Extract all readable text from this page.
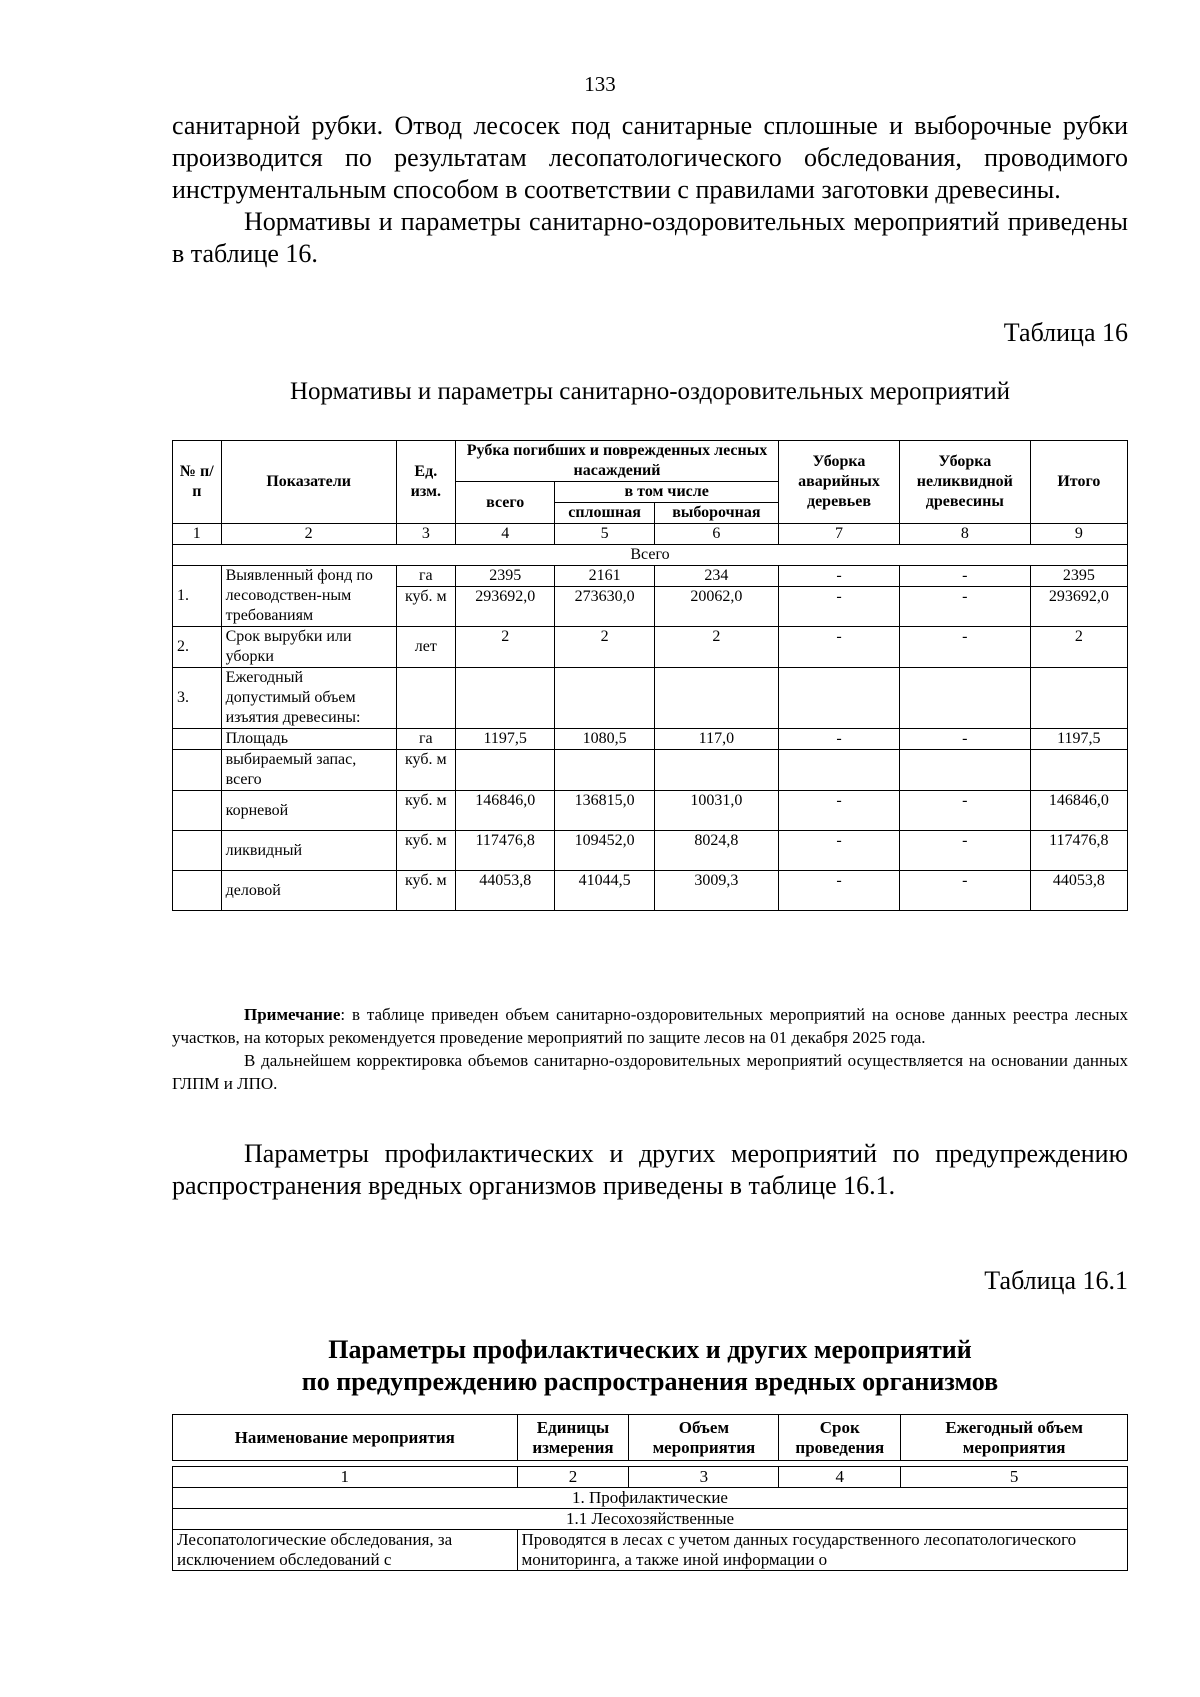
133

санитарной рубки. Отвод лесосек под санитарные сплошные и выборочные рубки производится по результатам лесопатологического обследования, проводимого инструментальным способом в соответствии с правилами заготовки древесины.

Нормативы и параметры санитарно-оздоровительных мероприятий приведены в таблице 16.

Таблица 16
Нормативы и параметры санитарно-оздоровительных мероприятий
№ п/п	Показатели	Ед. изм.	Рубка погибших и поврежденных лесных насаждений			Уборка аварийных деревьев	Уборка неликвидной древесины	Итого
			всего	в том числе				
				сплошная	выборочная			
1	2	3	4	5	6	7	8	9
Всего								
1.	Выявленный фонд по лесоводствен-ным требованиям	га	2395	2161	234	-	-	2395
		куб. м	293692,0	273630,0	20062,0	-	-	293692,0
2.	Срок вырубки или уборки	лет	2	2	2	-	-	2
3.	Ежегодный допустимый объем изъятия древесины:							
	Площадь	га	1197,5	1080,5	117,0	-	-	1197,5
	выбираемый запас, всего	куб. м						
	корневой	куб. м	146846,0	136815,0	10031,0	-	-	146846,0
	ликвидный	куб. м	117476,8	109452,0	8024,8	-	-	117476,8
	деловой	куб. м	44053,8	41044,5	3009,3	-	-	44053,8

Примечание: в таблице приведен объем санитарно-оздоровительных мероприятий на основе данных реестра лесных участков, на которых рекомендуется проведение мероприятий по защите лесов на 01 декабря 2025 года.

В дальнейшем корректировка объемов санитарно-оздоровительных мероприятий осуществляется на основании данных ГЛПМ и ЛПО.

Параметры профилактических и других мероприятий по предупреждению распространения вредных организмов приведены в таблице 16.1.

Таблица 16.1
Параметры профилактических и других мероприятий
по предупреждению распространения вредных организмов
Наименование мероприятия	Единицы измерения	Объем мероприятия	Срок проведения	Ежегодный объем мероприятия

1	2	3	4	5
1. Профилактические				
1.1 Лесохозяйственные				
Лесопатологические обследования, за исключением обследований с	Проводятся в лесах с учетом данных государственного лесопатологического мониторинга, а также иной информации о			
